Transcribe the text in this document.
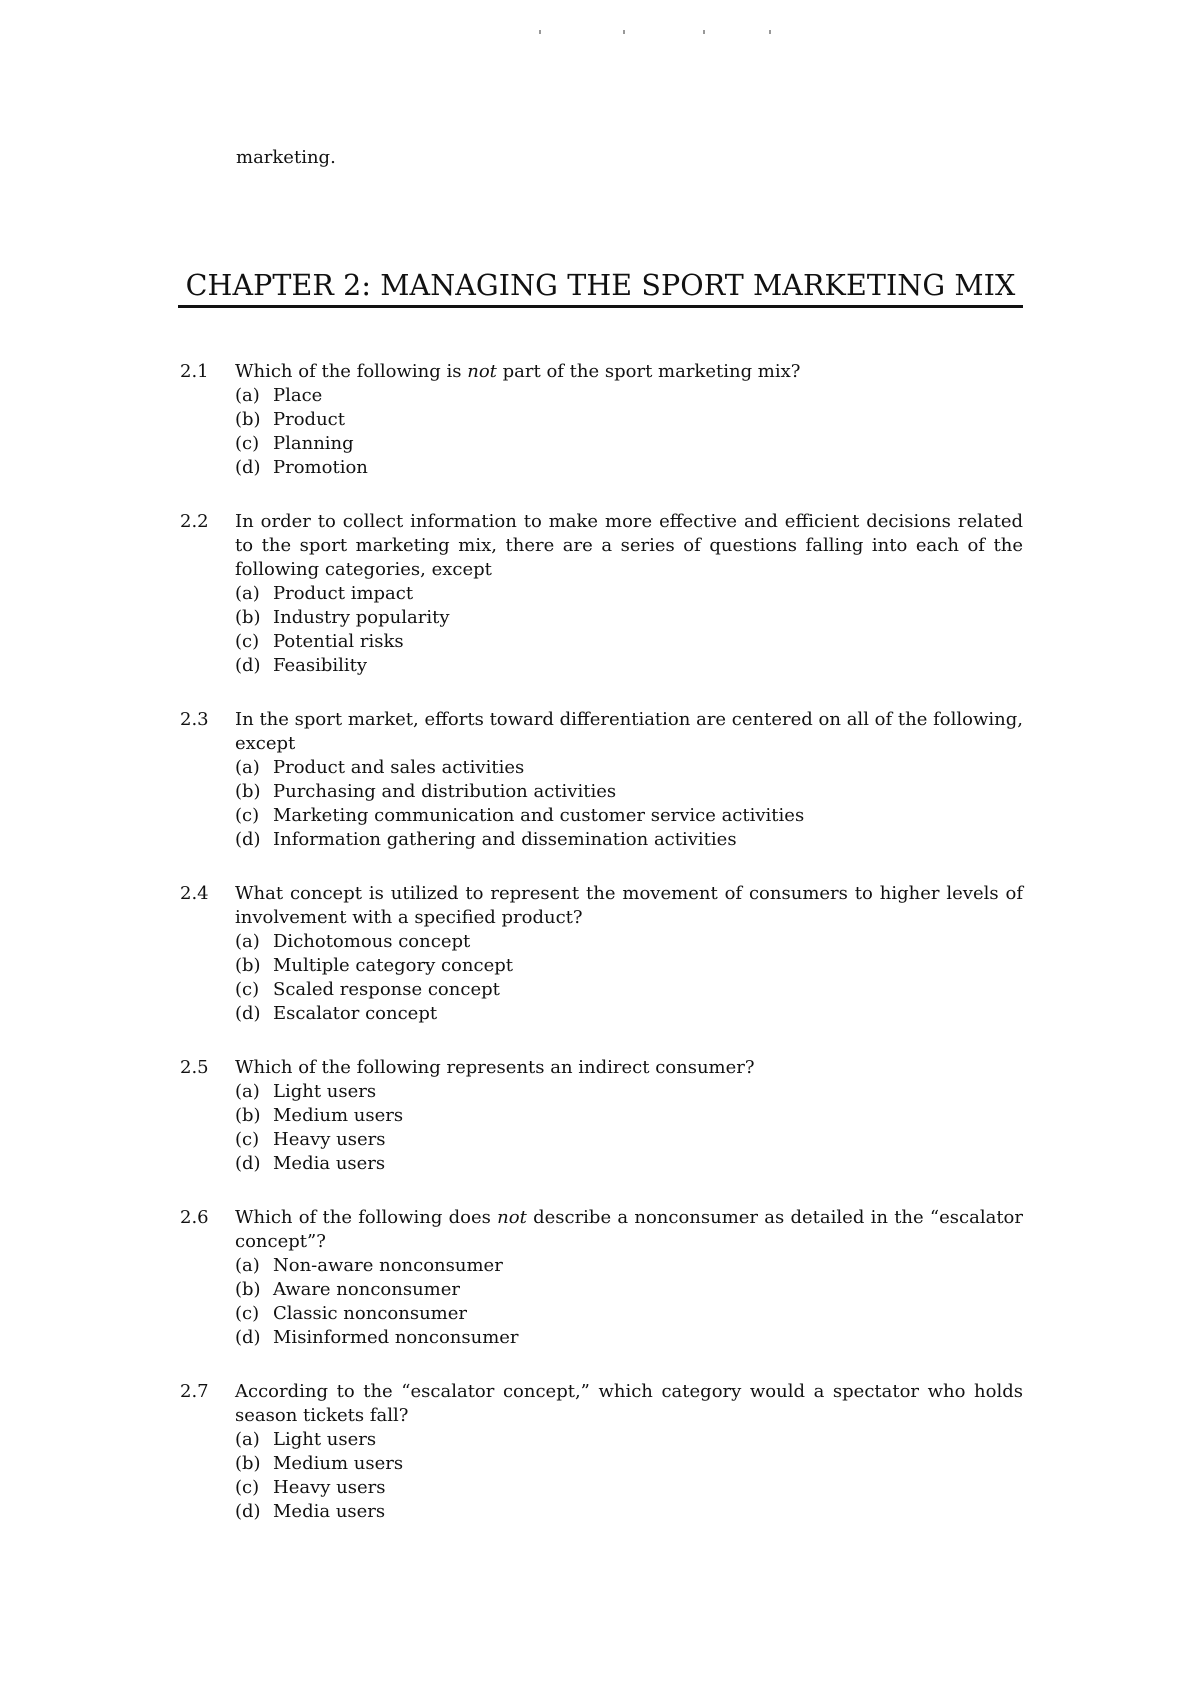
marketing.
CHAPTER 2: MANAGING THE SPORT MARKETING MIX
2.1 Which of the following is not part of the sport marketing mix?
(a) Place
(b) Product
(c) Planning
(d) Promotion
2.2 In order to collect information to make more effective and efficient decisions related to the sport marketing mix, there are a series of questions falling into each of the following categories, except
(a) Product impact
(b) Industry popularity
(c) Potential risks
(d) Feasibility
2.3 In the sport market, efforts toward differentiation are centered on all of the following, except
(a) Product and sales activities
(b) Purchasing and distribution activities
(c) Marketing communication and customer service activities
(d) Information gathering and dissemination activities
2.4 What concept is utilized to represent the movement of consumers to higher levels of involvement with a specified product?
(a) Dichotomous concept
(b) Multiple category concept
(c) Scaled response concept
(d) Escalator concept
2.5 Which of the following represents an indirect consumer?
(a) Light users
(b) Medium users
(c) Heavy users
(d) Media users
2.6 Which of the following does not describe a nonconsumer as detailed in the “escalator concept”?
(a) Non-aware nonconsumer
(b) Aware nonconsumer
(c) Classic nonconsumer
(d) Misinformed nonconsumer
2.7 According to the “escalator concept,” which category would a spectator who holds season tickets fall?
(a) Light users
(b) Medium users
(c) Heavy users
(d) Media users
